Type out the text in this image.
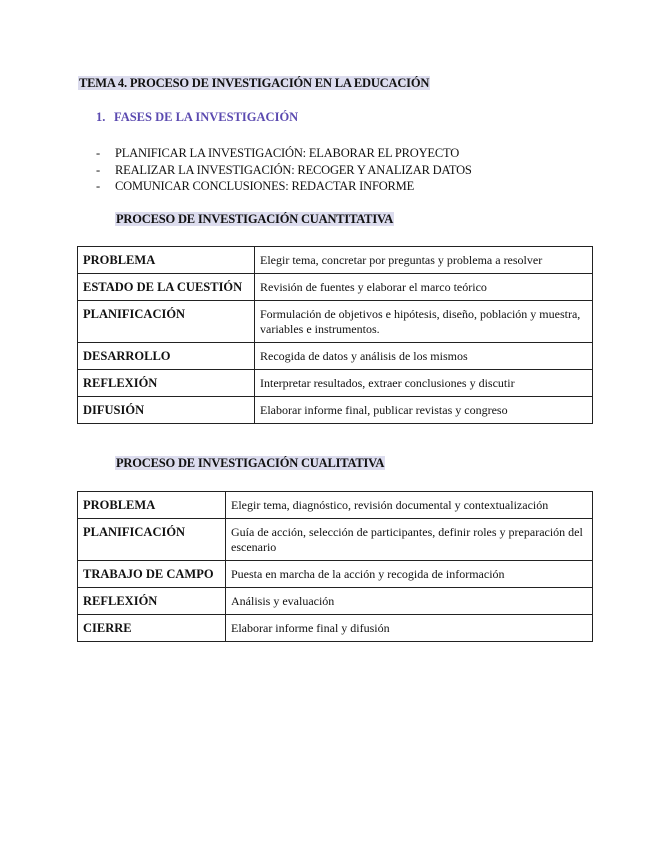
TEMA 4. PROCESO DE INVESTIGACIÓN EN LA EDUCACIÓN
1. FASES DE LA INVESTIGACIÓN
- PLANIFICAR LA INVESTIGACIÓN: ELABORAR EL PROYECTO
- REALIZAR LA INVESTIGACIÓN: RECOGER Y ANALIZAR DATOS
- COMUNICAR CONCLUSIONES: REDACTAR INFORME
PROCESO DE INVESTIGACIÓN CUANTITATIVA
PROBLEMA	Elegir tema, concretar por preguntas y problema a resolver
ESTADO DE LA CUESTIÓN	Revisión de fuentes y elaborar el marco teórico
PLANIFICACIÓN	Formulación de objetivos e hipótesis, diseño, población y muestra, variables e instrumentos.
DESARROLLO	Recogida de datos y análisis de los mismos
REFLEXIÓN	Interpretar resultados, extraer conclusiones y discutir
DIFUSIÓN	Elaborar informe final, publicar revistas y congreso
PROCESO DE INVESTIGACIÓN CUALITATIVA
PROBLEMA	Elegir tema, diagnóstico, revisión documental y contextualización
PLANIFICACIÓN	Guía de acción, selección de participantes, definir roles y preparación del escenario
TRABAJO DE CAMPO	Puesta en marcha de la acción y recogida de información
REFLEXIÓN	Análisis y evaluación
CIERRE	Elaborar informe final y difusión
